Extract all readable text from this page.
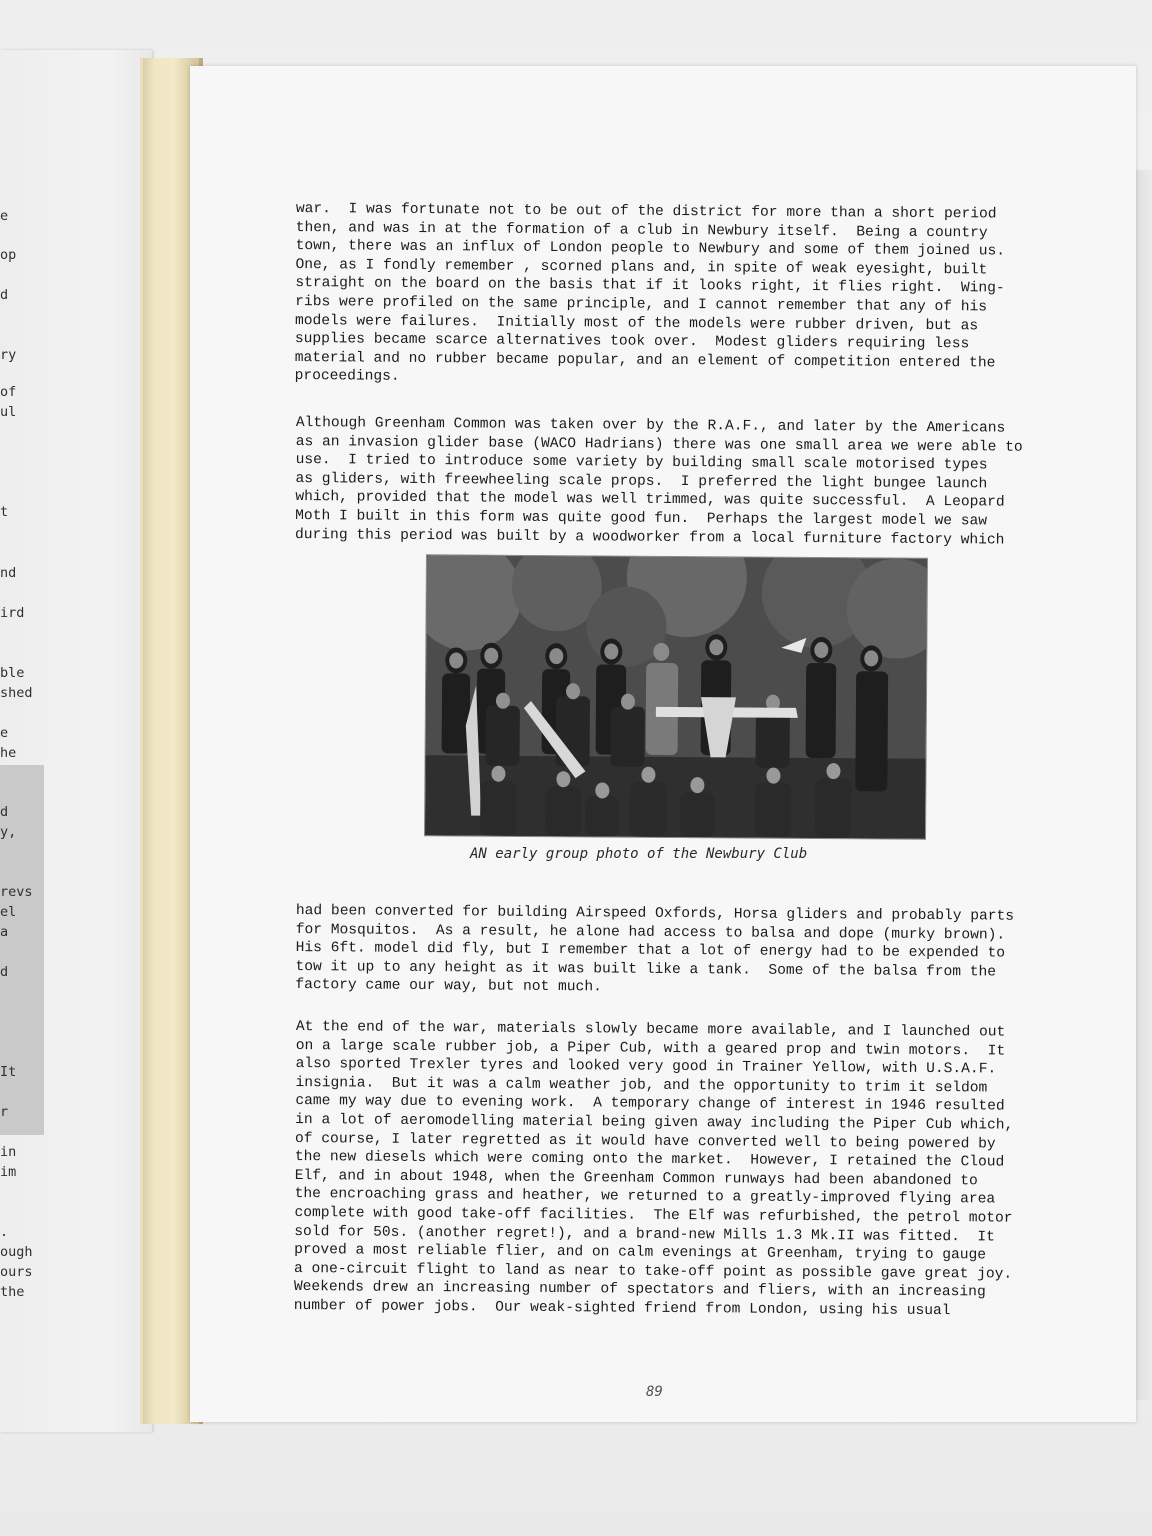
e
op
d
ry
of
ul
t
nd
ird
ble
shed
e
he
d
y,
revs
el
a
d
It
r
in
im
.
ough
ours
the
war.  I was fortunate not to be out of the district for more than a short period
then, and was in at the formation of a club in Newbury itself.  Being a country
town, there was an influx of London people to Newbury and some of them joined us.
One, as I fondly remember , scorned plans and, in spite of weak eyesight, built
straight on the board on the basis that if it looks right, it flies right.  Wing-
ribs were profiled on the same principle, and I cannot remember that any of his
models were failures.  Initially most of the models were rubber driven, but as
supplies became scarce alternatives took over.  Modest gliders requiring less
material and no rubber became popular, and an element of competition entered the
proceedings.
Although Greenham Common was taken over by the R.A.F., and later by the Americans
as an invasion glider base (WACO Hadrians) there was one small area we were able to
use.  I tried to introduce some variety by building small scale motorised types
as gliders, with freewheeling scale props.  I preferred the light bungee launch
which, provided that the model was well trimmed, was quite successful.  A Leopard
Moth I built in this form was quite good fun.  Perhaps the largest model we saw
during this period was built by a woodworker from a local furniture factory which
AN early group photo of the Newbury Club
had been converted for building Airspeed Oxfords, Horsa gliders and probably parts
for Mosquitos.  As a result, he alone had access to balsa and dope (murky brown).
His 6ft. model did fly, but I remember that a lot of energy had to be expended to
tow it up to any height as it was built like a tank.  Some of the balsa from the
factory came our way, but not much.
At the end of the war, materials slowly became more available, and I launched out
on a large scale rubber job, a Piper Cub, with a geared prop and twin motors.  It
also sported Trexler tyres and looked very good in Trainer Yellow, with U.S.A.F.
insignia.  But it was a calm weather job, and the opportunity to trim it seldom
came my way due to evening work.  A temporary change of interest in 1946 resulted
in a lot of aeromodelling material being given away including the Piper Cub which,
of course, I later regretted as it would have converted well to being powered by
the new diesels which were coming onto the market.  However, I retained the Cloud
Elf, and in about 1948, when the Greenham Common runways had been abandoned to
the encroaching grass and heather, we returned to a greatly-improved flying area
complete with good take-off facilities.  The Elf was refurbished, the petrol motor
sold for 50s. (another regret!), and a brand-new Mills 1.3 Mk.II was fitted.  It
proved a most reliable flier, and on calm evenings at Greenham, trying to gauge
a one-circuit flight to land as near to take-off point as possible gave great joy.
Weekends drew an increasing number of spectators and fliers, with an increasing
number of power jobs.  Our weak-sighted friend from London, using his usual
89
